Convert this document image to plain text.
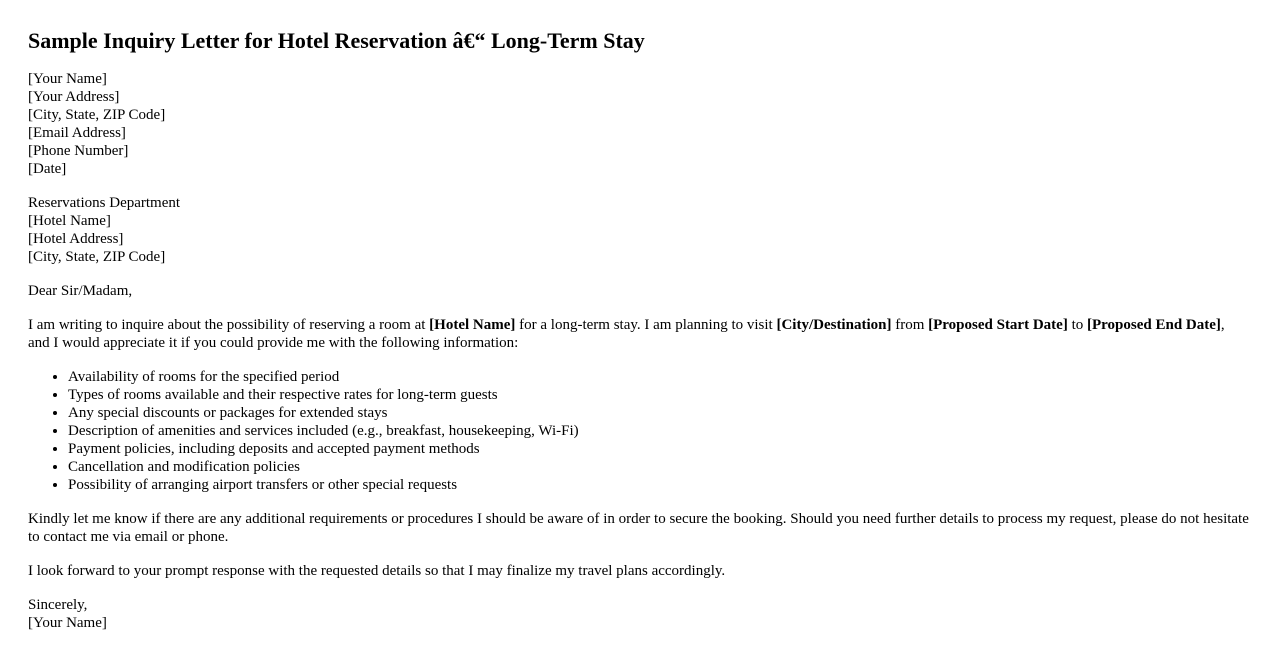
Sample Inquiry Letter for Hotel Reservation â€“ Long-Term Stay
[Your Name]
[Your Address]
[City, State, ZIP Code]
[Email Address]
[Phone Number]
[Date]
Reservations Department
[Hotel Name]
[Hotel Address]
[City, State, ZIP Code]

Dear Sir/Madam,

I am writing to inquire about the possibility of reserving a room at [Hotel Name] for a long-term stay. I am planning to visit [City/Destination] from [Proposed Start Date] to [Proposed End Date], and I would appreciate it if you could provide me with the following information:

• Availability of rooms for the specified period
• Types of rooms available and their respective rates for long-term guests
• Any special discounts or packages for extended stays
• Description of amenities and services included (e.g., breakfast, housekeeping, Wi-Fi)
• Payment policies, including deposits and accepted payment methods
• Cancellation and modification policies
• Possibility of arranging airport transfers or other special requests

Kindly let me know if there are any additional requirements or procedures I should be aware of in order to secure the booking. Should you need further details to process my request, please do not hesitate to contact me via email or phone.

I look forward to your prompt response with the requested details so that I may finalize my travel plans accordingly.

Sincerely,
[Your Name]
